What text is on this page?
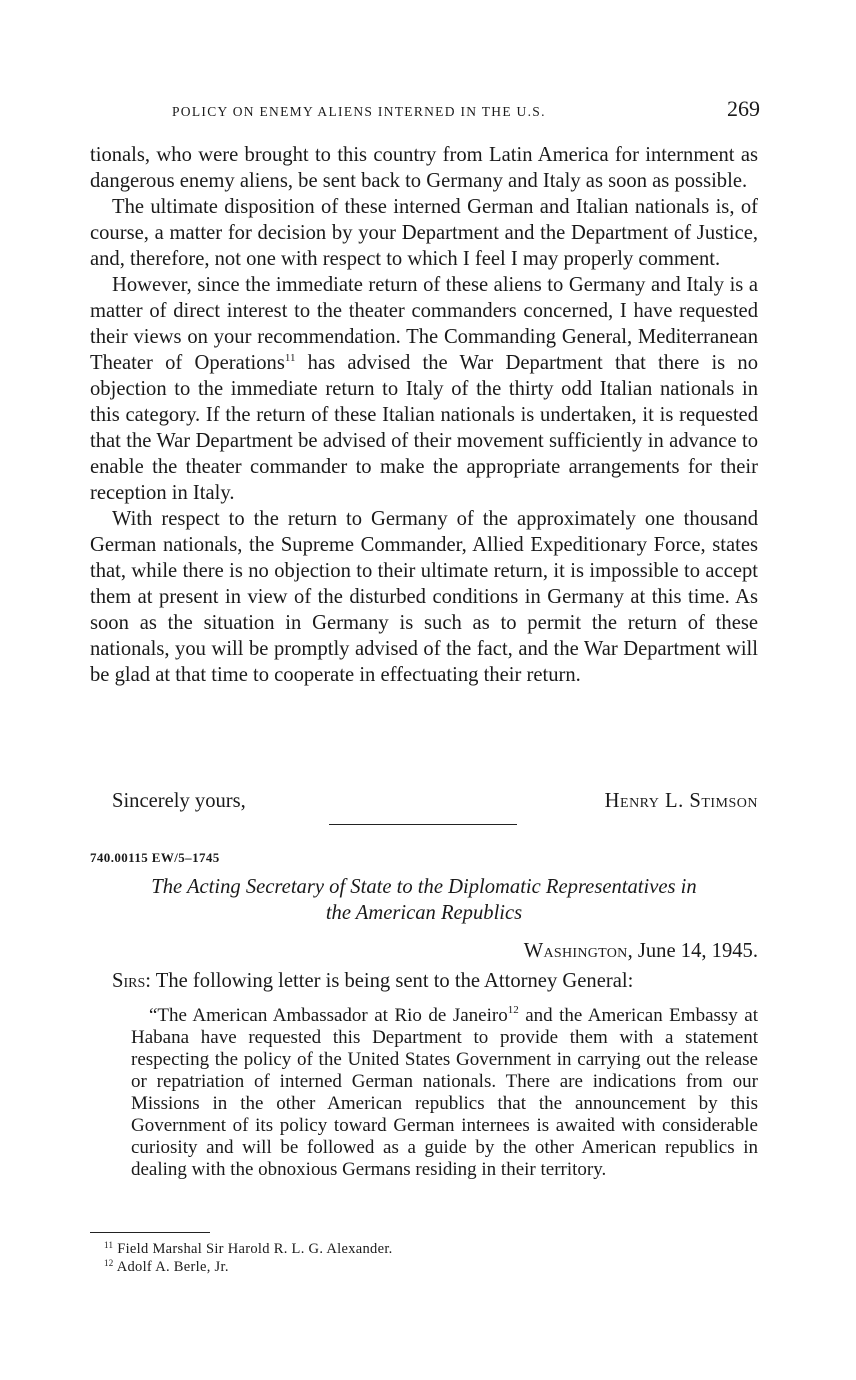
POLICY ON ENEMY ALIENS INTERNED IN THE U.S.	269

tionals, who were brought to this country from Latin America for internment as dangerous enemy aliens, be sent back to Germany and Italy as soon as possible.

The ultimate disposition of these interned German and Italian nationals is, of course, a matter for decision by your Department and the Department of Justice, and, therefore, not one with respect to which I feel I may properly comment.

However, since the immediate return of these aliens to Germany and Italy is a matter of direct interest to the theater commanders concerned, I have requested their views on your recommendation. The Commanding General, Mediterranean Theater of Operations$^{11}$ has advised the War Department that there is no objection to the immediate return to Italy of the thirty odd Italian nationals in this category. If the return of these Italian nationals is undertaken, it is requested that the War Department be advised of their movement sufficiently in advance to enable the theater commander to make the appropriate arrangements for their reception in Italy.

With respect to the return to Germany of the approximately one thousand German nationals, the Supreme Commander, Allied Expeditionary Force, states that, while there is no objection to their ultimate return, it is impossible to accept them at present in view of the disturbed conditions in Germany at this time. As soon as the situation in Germany is such as to permit the return of these nationals, you will be promptly advised of the fact, and the War Department will be glad at that time to cooperate in effectuating their return.

Sincerely yours,	Henry L. Stimson
740.00115 EW/5–1745
The Acting Secretary of State to the Diplomatic Representatives in
the American Republics
Washington, June 14, 1945.
Sirs: The following letter is being sent to the Attorney General:

“The American Ambassador at Rio de Janeiro$^{12}$ and the American Embassy at Habana have requested this Department to provide them with a statement respecting the policy of the United States Government in carrying out the release or repatriation of interned German nationals. There are indications from our Missions in the other American republics that the announcement by this Government of its policy toward German internees is awaited with considerable curiosity and will be followed as a guide by the other American republics in dealing with the obnoxious Germans residing in their territory.

$^{11}$ Field Marshal Sir Harold R. L. G. Alexander.
$^{12}$ Adolf A. Berle, Jr.
